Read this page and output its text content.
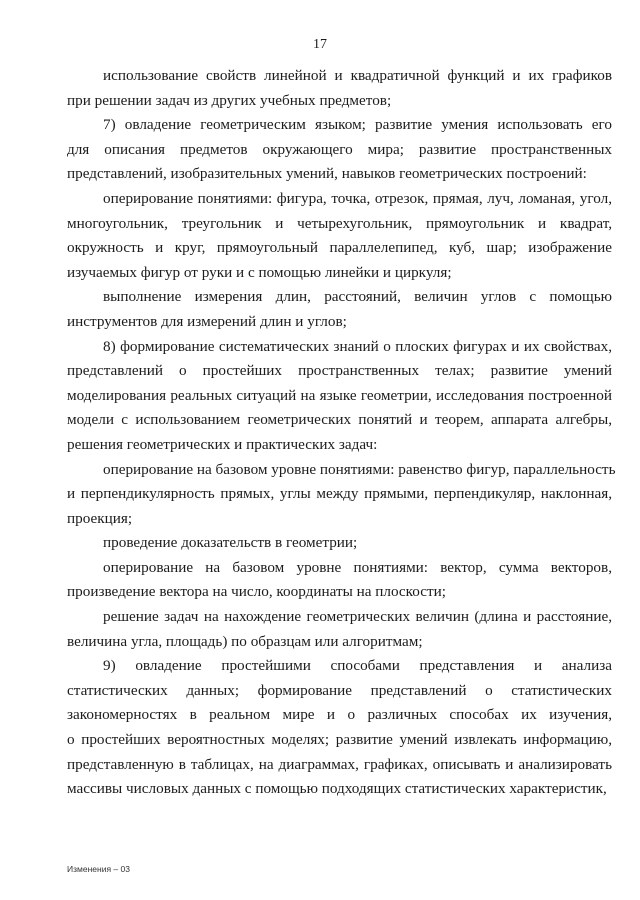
17
использование свойств линейной и квадратичной функций и их графиков
при решении задач из других учебных предметов;
7) овладение геометрическим языком; развитие умения использовать его
для описания предметов окружающего мира; развитие пространственных
представлений, изобразительных умений, навыков геометрических построений:
оперирование понятиями: фигура, точка, отрезок, прямая, луч, ломаная, угол,
многоугольник, треугольник и четырехугольник, прямоугольник и квадрат,
окружность и круг, прямоугольный параллелепипед, куб, шар; изображение
изучаемых фигур от руки и с помощью линейки и циркуля;
выполнение измерения длин, расстояний, величин углов с помощью
инструментов для измерений длин и углов;
8) формирование систематических знаний о плоских фигурах и их свойствах,
представлений о простейших пространственных телах; развитие умений
моделирования реальных ситуаций на языке геометрии, исследования построенной
модели с использованием геометрических понятий и теорем, аппарата алгебры,
решения геометрических и практических задач:
оперирование на базовом уровне понятиями: равенство фигур, параллельность
и перпендикулярность прямых, углы между прямыми, перпендикуляр, наклонная,
проекция;
проведение доказательств в геометрии;
оперирование на базовом уровне понятиями: вектор, сумма векторов,
произведение вектора на число, координаты на плоскости;
решение задач на нахождение геометрических величин (длина и расстояние,
величина угла, площадь) по образцам или алгоритмам;
9) овладение простейшими способами представления и анализа
статистических данных; формирование представлений о статистических
закономерностях в реальном мире и о различных способах их изучения,
о простейших вероятностных моделях; развитие умений извлекать информацию,
представленную в таблицах, на диаграммах, графиках, описывать и анализировать
массивы числовых данных с помощью подходящих статистических характеристик,
Изменения – 03
